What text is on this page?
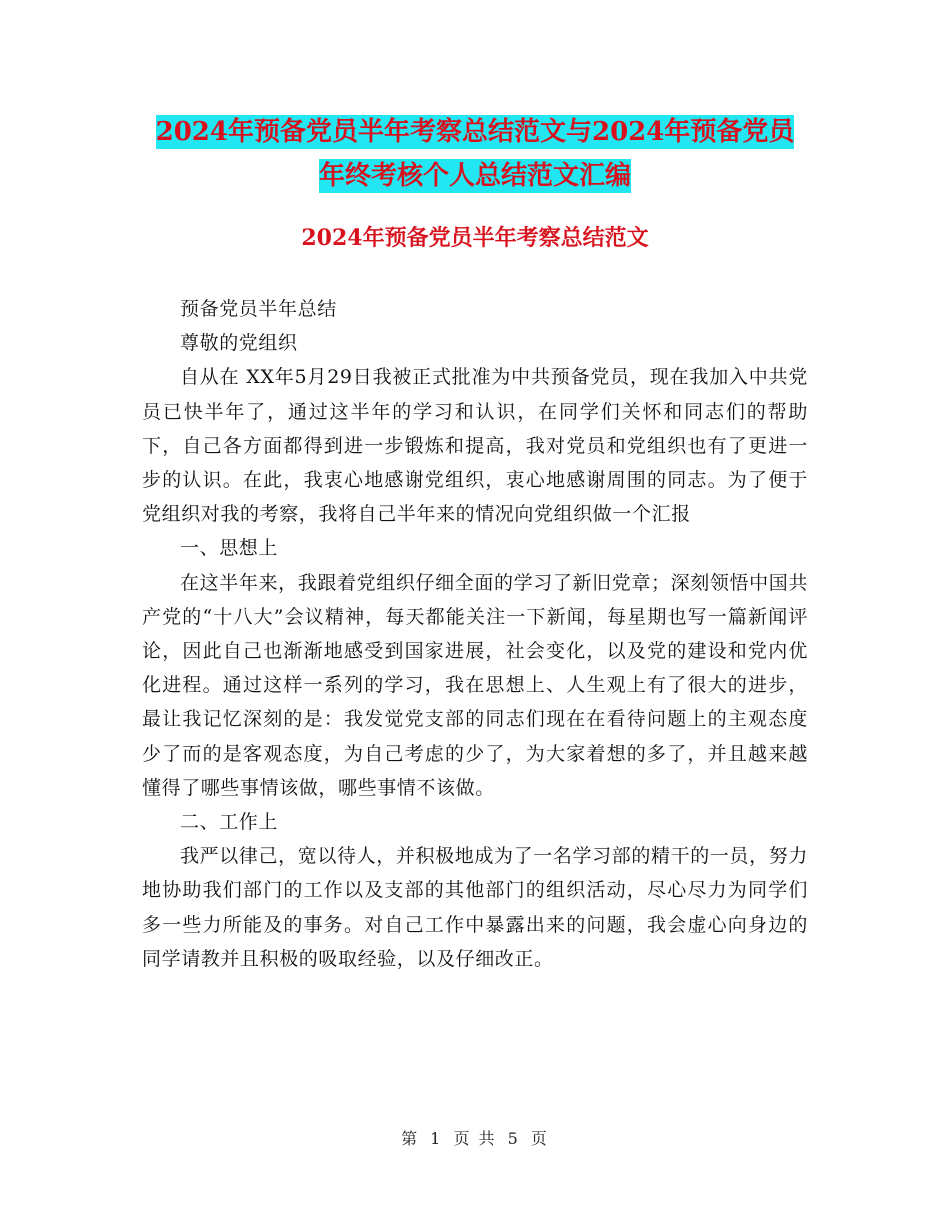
2024年预备党员半年考察总结范文与2024年预备党员
年终考核个人总结范文汇编
2024年预备党员半年考察总结范文

预备党员半年总结

尊敬的党组织

自从在 XX年5月29日我被正式批准为中共预备党员，现在我加入中共党员已快半年了，通过这半年的学习和认识，在同学们关怀和同志们的帮助下，自己各方面都得到进一步锻炼和提高，我对党员和党组织也有了更进一步的认识。在此，我衷心地感谢党组织，衷心地感谢周围的同志。为了便于党组织对我的考察，我将自己半年来的情况向党组织做一个汇报

一、思想上

在这半年来，我跟着党组织仔细全面的学习了新旧党章；深刻领悟中国共产党的“十八大”会议精神，每天都能关注一下新闻，每星期也写一篇新闻评论，因此自己也渐渐地感受到国家进展，社会变化，以及党的建设和党内优化进程。通过这样一系列的学习，我在思想上、人生观上有了很大的进步，最让我记忆深刻的是：我发觉党支部的同志们现在在看待问题上的主观态度少了而的是客观态度，为自己考虑的少了，为大家着想的多了，并且越来越懂得了哪些事情该做，哪些事情不该做。

二、工作上

我严以律己，宽以待人，并积极地成为了一名学习部的精干的一员，努力地协助我们部门的工作以及支部的其他部门的组织活动，尽心尽力为同学们多一些力所能及的事务。对自己工作中暴露出来的问题，我会虚心向身边的同学请教并且积极的吸取经验，以及仔细改正。

第 1 页 共 5 页
